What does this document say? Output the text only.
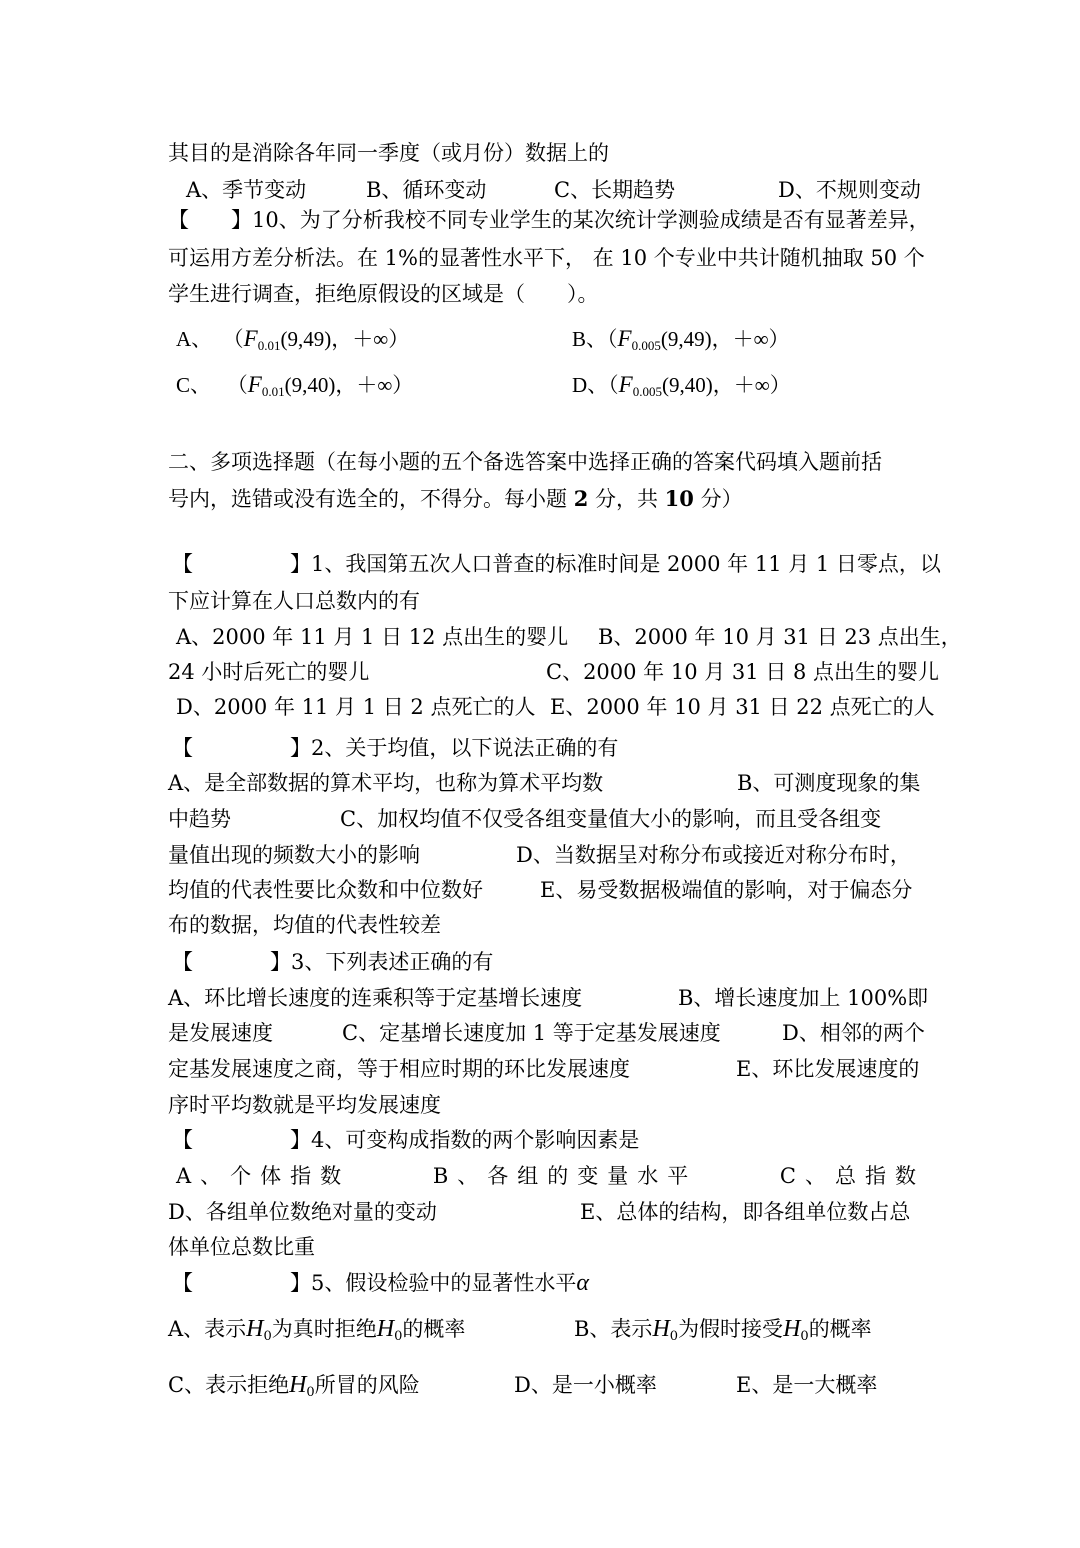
其目的是消除各年同一季度（或月份）数据上的
A、季节变动	B、循环变动	C、长期趋势	D、不规则变动
【　　】10、为了分析我校不同专业学生的某次统计学测验成绩是否有显著差异，
可运用方差分析法。在 1%的显著性水平下， 在 10 个专业中共计随机抽取 50 个
学生进行调查，拒绝原假设的区域是（　　）。
A、 （$F_{0.01}(9,49)$，＋∞）	B、（$F_{0.005}(9,49)$，＋∞）
C、 （$F_{0.01}(9,40)$，＋∞）	D、（$F_{0.005}(9,40)$，＋∞）
二、多项选择题（在每小题的五个备选答案中选择正确的答案代码填入题前括
号内，选错或没有选全的，不得分。每小题 2 分，共 10 分）
【	】1、我国第五次人口普查的标准时间是 2000 年 11 月 1 日零点，以
下应计算在人口总数内的有
A、2000 年 11 月 1 日 12 点出生的婴儿 B、2000 年 10 月 31 日 23 点出生，
24 小时后死亡的婴儿	C、2000 年 10 月 31 日 8 点出生的婴儿
D、2000 年 11 月 1 日 2 点死亡的人 E、2000 年 10 月 31 日 22 点死亡的人
【	】2、关于均值，以下说法正确的有
A、是全部数据的算术平均，也称为算术平均数	B、可测度现象的集
中趋势	C、加权均值不仅受各组变量值大小的影响，而且受各组变
量值出现的频数大小的影响	D、当数据呈对称分布或接近对称分布时，
均值的代表性要比众数和中位数好	E、易受数据极端值的影响，对于偏态分
布的数据，均值的代表性较差
【	】3、下列表述正确的有
A、环比增长速度的连乘积等于定基增长速度	B、增长速度加上 100%即
是发展速度	C、定基增长速度加 1 等于定基发展速度	D、相邻的两个
定基发展速度之商，等于相应时期的环比发展速度	E、环比发展速度的
序时平均数就是平均发展速度
【	】4、可变构成指数的两个影响因素是
A、个体指数	B、各组的变量水平	C、总指数
D、各组单位数绝对量的变动	E、总体的结构，即各组单位数占总
体单位总数比重
【	】5、假设检验中的显著性水平α
A、表示$H_0$为真时拒绝$H_0$的概率	B、表示$H_0$为假时接受$H_0$的概率
C、表示拒绝$H_0$所冒的风险	D、是一小概率	E、是一大概率
